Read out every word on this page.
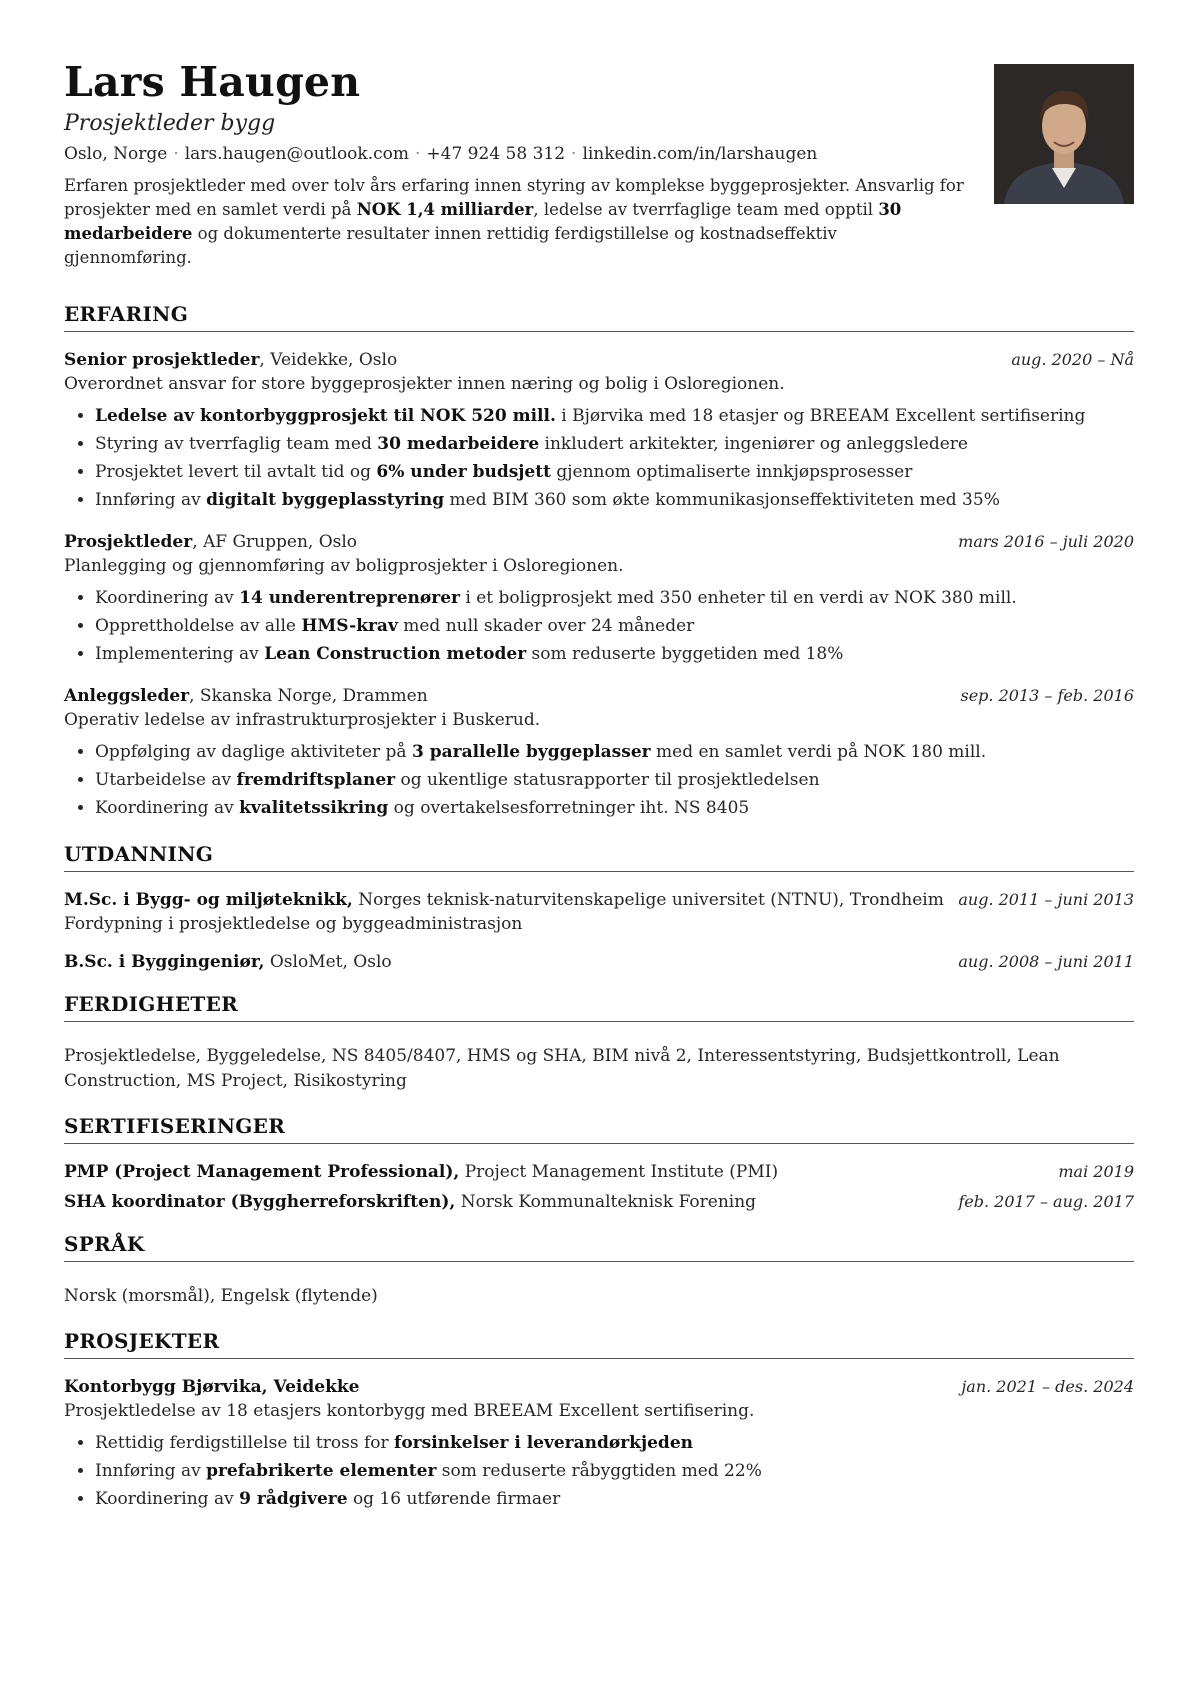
Lars Haugen
Prosjektleder bygg
Oslo, Norge · lars.haugen@outlook.com · +47 924 58 312 · linkedin.com/in/larshaugen
Erfaren prosjektleder med over tolv års erfaring innen styring av komplekse byggeprosjekter. Ansvarlig for prosjekter med en samlet verdi på NOK 1,4 milliarder, ledelse av tverrfaglige team med opptil 30 medarbeidere og dokumenterte resultater innen rettidig ferdigstillelse og kostnadseffektiv gjennomføring.
ERFARING
Senior prosjektleder, Veidekke, Oslo	aug. 2020 – Nå
Overordnet ansvar for store byggeprosjekter innen næring og bolig i Osloregionen.
• Ledelse av kontorbyggprosjekt til NOK 520 mill. i Bjørvika med 18 etasjer og BREEAM Excellent sertifisering
• Styring av tverrfaglig team med 30 medarbeidere inkludert arkitekter, ingeniører og anleggsledere
• Prosjektet levert til avtalt tid og 6% under budsjett gjennom optimaliserte innkjøpsprosesser
• Innføring av digitalt byggeplasstyring med BIM 360 som økte kommunikasjonseffektiviteten med 35%
Prosjektleder, AF Gruppen, Oslo	mars 2016 – juli 2020
Planlegging og gjennomføring av boligprosjekter i Osloregionen.
• Koordinering av 14 underentreprenører i et boligprosjekt med 350 enheter til en verdi av NOK 380 mill.
• Opprettholdelse av alle HMS-krav med null skader over 24 måneder
• Implementering av Lean Construction metoder som reduserte byggetiden med 18%
Anleggsleder, Skanska Norge, Drammen	sep. 2013 – feb. 2016
Operativ ledelse av infrastrukturprosjekter i Buskerud.
• Oppfølging av daglige aktiviteter på 3 parallelle byggeplasser med en samlet verdi på NOK 180 mill.
• Utarbeidelse av fremdriftsplaner og ukentlige statusrapporter til prosjektledelsen
• Koordinering av kvalitetssikring og overtakelsesforretninger iht. NS 8405
UTDANNING
M.Sc. i Bygg- og miljøteknikk, Norges teknisk-naturvitenskapelige universitet (NTNU), Trondheim aug. 2011 – juni 2013
Fordypning i prosjektledelse og byggeadministrasjon
B.Sc. i Byggingeniør, OsloMet, Oslo	aug. 2008 – juni 2011
FERDIGHETER
Prosjektledelse, Byggeledelse, NS 8405/8407, HMS og SHA, BIM nivå 2, Interessentstyring, Budsjettkontroll, Lean Construction, MS Project, Risikostyring
SERTIFISERINGER
PMP (Project Management Professional), Project Management Institute (PMI)	mai 2019
SHA koordinator (Byggherreforskriften), Norsk Kommunalteknisk Forening	feb. 2017 – aug. 2017
SPRÅK
Norsk (morsmål), Engelsk (flytende)
PROSJEKTER
Kontorbygg Bjørvika, Veidekke	jan. 2021 – des. 2024
Prosjektledelse av 18 etasjers kontorbygg med BREEAM Excellent sertifisering.
• Rettidig ferdigstillelse til tross for forsinkelser i leverandørkjeden
• Innføring av prefabrikerte elementer som reduserte råbyggtiden med 22%
• Koordinering av 9 rådgivere og 16 utførende firmaer
